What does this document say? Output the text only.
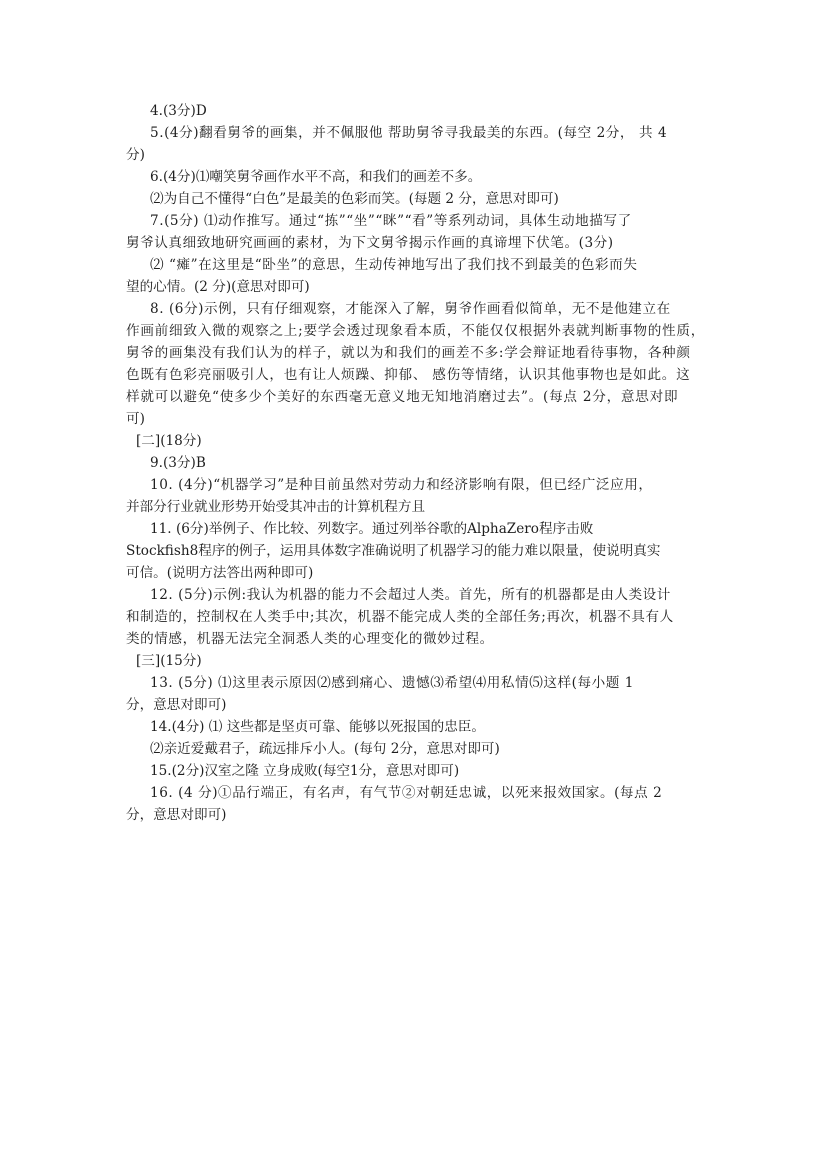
4.(3分)D
5.(4分)翻看舅爷的画集，并不佩服他 帮助舅爷寻我最美的东西。(每空 2分， 共 4
分)
6.(4分)⑴嘲笑舅爷画作水平不高，和我们的画差不多。
⑵为自己不懂得“白色”是最美的色彩而笑。(每题 2 分，意思对即可)
7.(5分) ⑴动作推写。通过“拣”“坐”“眯”“看”等系列动词，具体生动地描写了
舅爷认真细致地研究画画的素材，为下文舅爷揭示作画的真谛埋下伏笔。(3分)
⑵ “瘫”在这里是“卧坐”的意思，生动传神地写出了我们找不到最美的色彩而失
望的心情。(2 分)(意思对即可)
8. (6分)示例，只有仔细观察，才能深入了解，舅爷作画看似简单，无不是他建立在
作画前细致入微的观察之上;要学会透过现象看本质，不能仅仅根据外表就判断事物的性质，
舅爷的画集没有我们认为的样子，就以为和我们的画差不多:学会辩证地看待事物，各种颜
色既有色彩亮丽吸引人，也有让人烦躁、抑郁、 感伤等情绪，认识其他事物也是如此。这
样就可以避免“使多少个美好的东西毫无意义地无知地消磨过去”。(每点 2分，意思对即
可)
[二](18分)
9.(3分)B
10. (4分)“机器学习”是种目前虽然对劳动力和经济影响有限，但已经广泛应用，
并部分行业就业形势开始受其冲击的计算机程方且
11. (6分)举例子、作比较、列数字。通过列举谷歌的AlphaZero程序击败
Stockfish8程序的例子，运用具体数字准确说明了机器学习的能力难以限量，使说明真实
可信。(说明方法答出两种即可)
12. (5分)示例:我认为机器的能力不会超过人类。首先，所有的机器都是由人类设计
和制造的，控制权在人类手中;其次，机器不能完成人类的全部任务;再次，机器不具有人
类的情感，机器无法完全洞悉人类的心理变化的微妙过程。
[三](15分)
13. (5分) ⑴这里表示原因⑵感到痛心、遗憾⑶希望⑷用私情⑸这样(每小题 1
分，意思对即可)
14.(4分) ⑴ 这些都是坚贞可靠、能够以死报国的忠臣。
⑵亲近爱戴君子，疏远排斥小人。(每句 2分，意思对即可)
15.(2分)汉室之隆 立身成败(每空1分，意思对即可)
16. (4 分)①品行端正，有名声，有气节②对朝廷忠诚，以死来报效国家。(每点 2
分，意思对即可)
